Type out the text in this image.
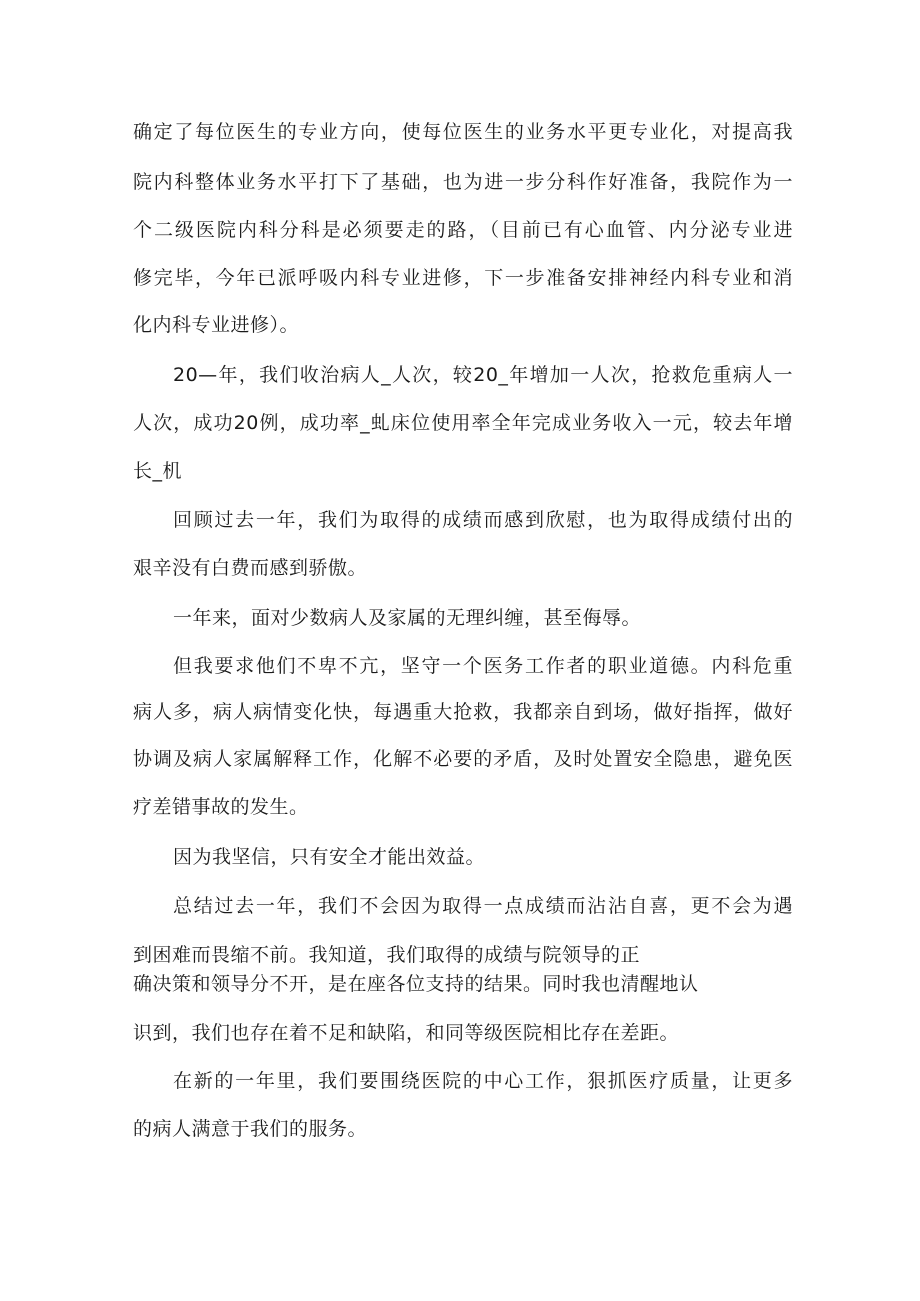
确定了每位医生的专业方向，使每位医生的业务水平更专业化，对提高我
院内科整体业务水平打下了基础，也为进一步分科作好准备，我院作为一
个二级医院内科分科是必须要走的路，（目前已有心血管、内分泌专业进
修完毕，今年已派呼吸内科专业进修，下一步准备安排神经内科专业和消
化内科专业进修）。
20—年，我们收治病人_人次，较20_年增加一人次，抢救危重病人一
人次，成功20例，成功率_虬床位使用率全年完成业务收入一元，较去年增
长_机
回顾过去一年，我们为取得的成绩而感到欣慰，也为取得成绩付出的
艰辛没有白费而感到骄傲。
一年来，面对少数病人及家属的无理纠缠，甚至侮辱。
但我要求他们不卑不亢，坚守一个医务工作者的职业道德。内科危重
病人多，病人病情变化快，每遇重大抢救，我都亲自到场，做好指挥，做好
协调及病人家属解释工作，化解不必要的矛盾，及时处置安全隐患，避免医
疗差错事故的发生。
因为我坚信，只有安全才能出效益。
总结过去一年，我们不会因为取得一点成绩而沾沾自喜，更不会为遇
到困难而畏缩不前。我知道，我们取得的成绩与院领导的正
确决策和领导分不开，是在座各位支持的结果。同时我也清醒地认
识到，我们也存在着不足和缺陷，和同等级医院相比存在差距。
在新的一年里，我们要围绕医院的中心工作，狠抓医疗质量，让更多
的病人满意于我们的服务。
